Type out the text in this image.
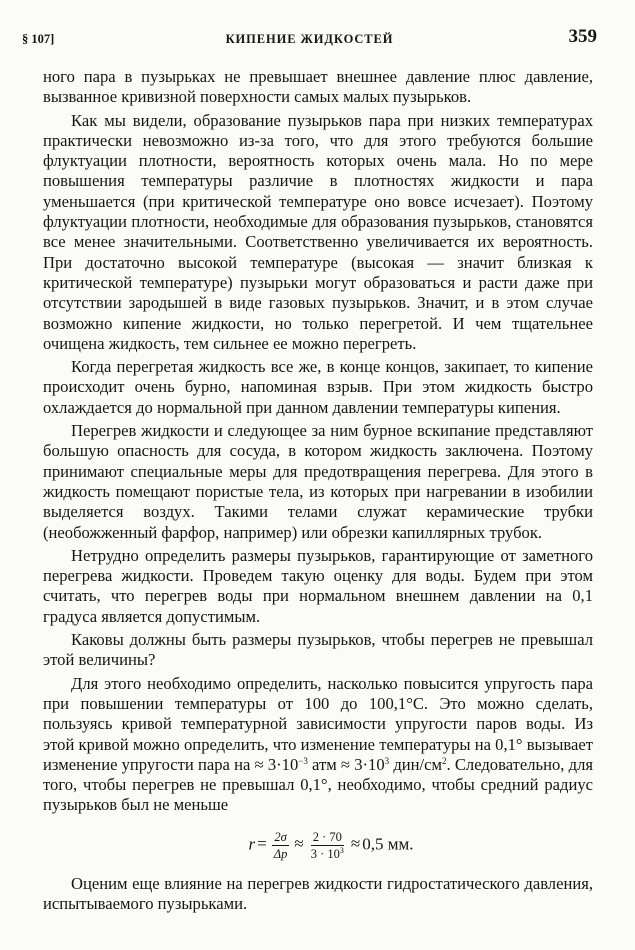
§ 107]	КИПЕНИЕ ЖИДКОСТЕЙ	359

ного пара в пузырьках не превышает внешнее давление плюс давление, вызванное кривизной поверхности самых малых пузырьков.

Как мы видели, образование пузырьков пара при низких температурах практически невозможно из-за того, что для этого требуются большие флуктуации плотности, вероятность которых очень мала. Но по мере повышения температуры различие в плотностях жидкости и пара уменьшается (при критической температуре оно вовсе исчезает). Поэтому флуктуации плотности, необходимые для образования пузырьков, становятся все менее значительными. Соответственно увеличивается их вероятность. При достаточно высокой температуре (высокая — значит близкая к критической температуре) пузырьки могут образоваться и расти даже при отсутствии зародышей в виде газовых пузырьков. Значит, и в этом случае возможно кипение жидкости, но только перегретой. И чем тщательнее очищена жидкость, тем сильнее ее можно перегреть.

Когда перегретая жидкость все же, в конце концов, закипает, то кипение происходит очень бурно, напоминая взрыв. При этом жидкость быстро охлаждается до нормальной при данном давлении температуры кипения.

Перегрев жидкости и следующее за ним бурное вскипание представляют большую опасность для сосуда, в котором жидкость заключена. Поэтому принимают специальные меры для предотвращения перегрева. Для этого в жидкость помещают пористые тела, из которых при нагревании в изобилии выделяется воздух. Такими телами служат керамические трубки (необожженный фарфор, например) или обрезки капиллярных трубок.

Нетрудно определить размеры пузырьков, гарантирующие от заметного перегрева жидкости. Проведем такую оценку для воды. Будем при этом считать, что перегрев воды при нормальном внешнем давлении на 0,1 градуса является допустимым.

Каковы должны быть размеры пузырьков, чтобы перегрев не превышал этой величины?

Для этого необходимо определить, насколько повысится упругость пара при повышении температуры от 100 до 100,1°С. Это можно сделать, пользуясь кривой температурной зависимости упругости паров воды. Из этой кривой можно определить, что изменение температуры на 0,1° вызывает изменение упругости пара на ≈ $3\cdot 10^{-3}$ атм ≈ $3\cdot 10^3$ дин/$см^2$. Следовательно, для того, чтобы перегрев не превышал 0,1°, необходимо, чтобы средний радиус пузырьков был не меньше

$r = \frac{2\sigma}{\Delta p} \approx \frac{2 \cdot 70}{3 \cdot 10^3} \approx 0,5$ мм.

Оценим еще влияние на перегрев жидкости гидростатического давления, испытываемого пузырьками.
